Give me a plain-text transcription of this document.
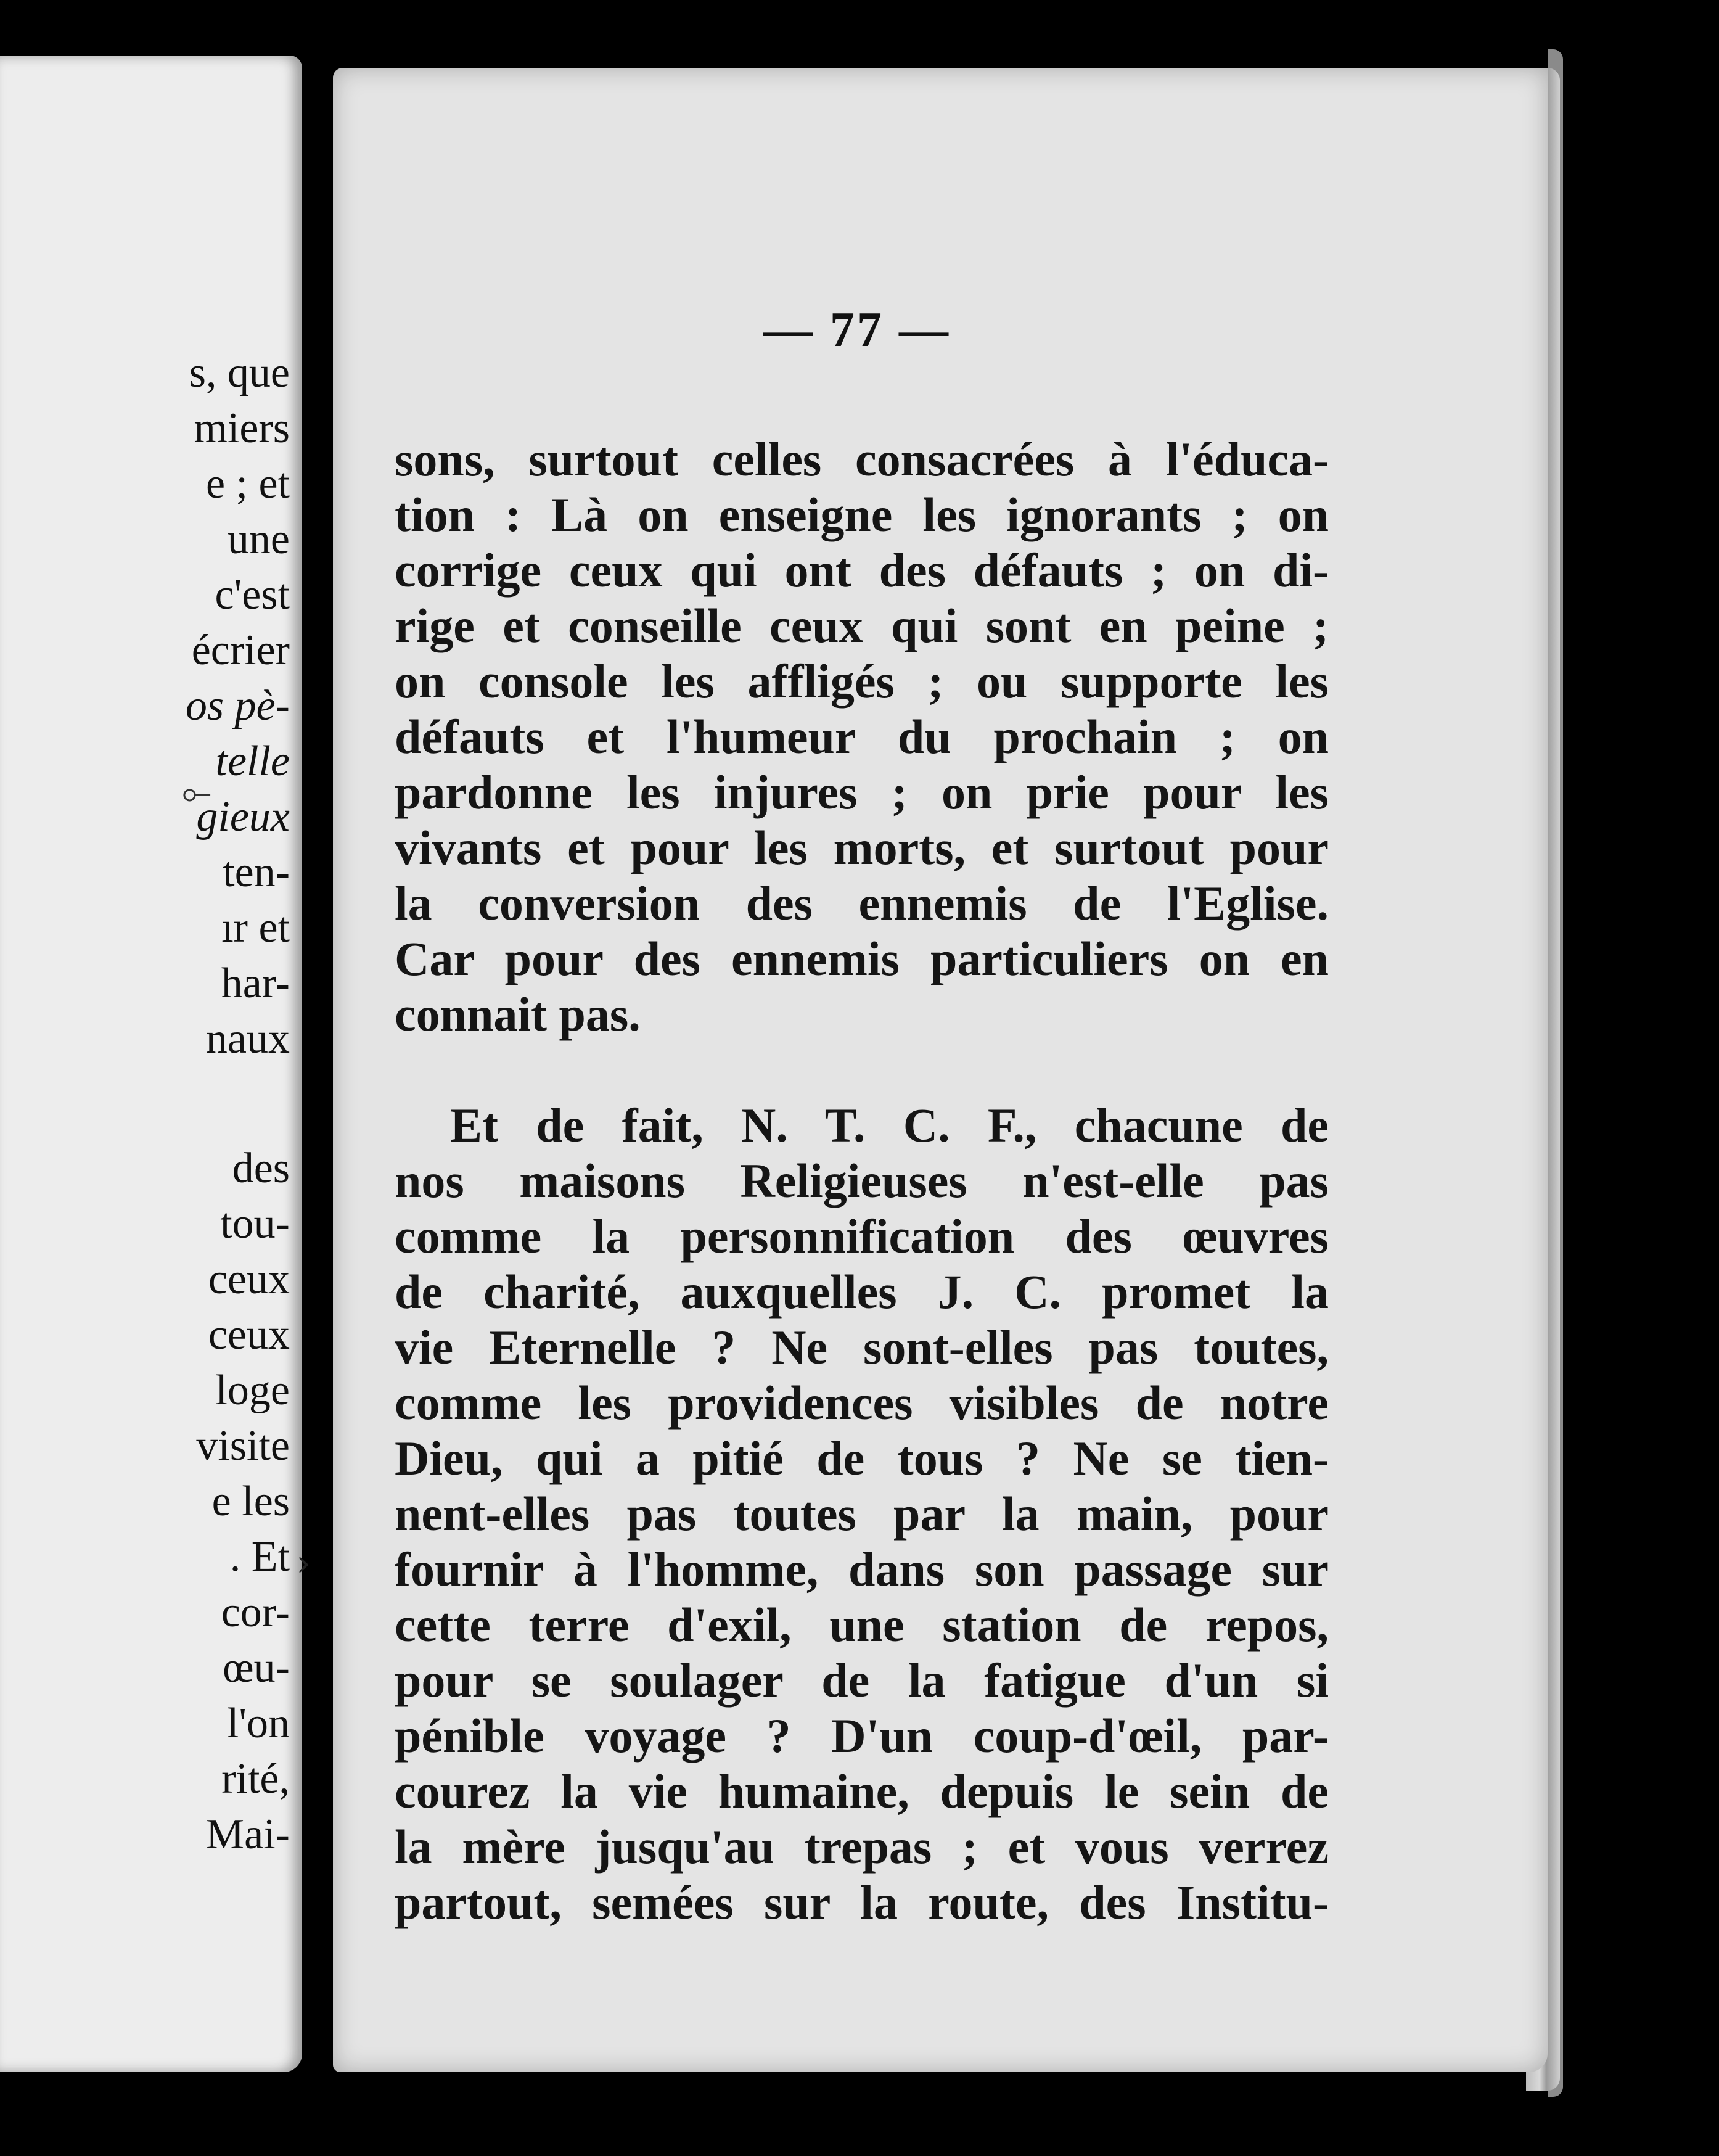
s, que
miers
e ; et
une
c'est
écrier
os pè-
telle
gieux
ten-
ır et
har-
naux
des
tou-
ceux
ceux
loge
visite
e les
. Et
cor-
œu-
l'on
rité,
Mai-
— 77 —
sons, surtout celles consacrées à l'éduca-
tion : Là on enseigne les ignorants ; on
corrige ceux qui ont des défauts ; on di-
rige et conseille ceux qui sont en peine ;
on console les affligés ; ou supporte les
défauts et l'humeur du prochain ; on
pardonne les injures ; on prie pour les
vivants et pour les morts, et surtout pour
la conversion des ennemis de l'Eglise.
Car pour des ennemis particuliers on en
connait pas.
Et de fait, N. T. C. F., chacune de
nos maisons Religieuses n'est-elle pas
comme la personnification des œuvres
de charité, auxquelles J. C. promet la
vie Eternelle ? Ne sont-elles pas toutes,
comme les providences visibles de notre
Dieu, qui a pitié de tous ? Ne se tien-
nent-elles pas toutes par la main, pour
fournir à l'homme, dans son passage sur
cette terre d'exil, une station de repos,
pour se soulager de la fatigue d'un si
pénible voyage ? D'un coup-d'œil, par-
courez la vie humaine, depuis le sein de
la mère jusqu'au trepas ; et vous verrez
partout, semées sur la route, des Institu-
⟜
›
